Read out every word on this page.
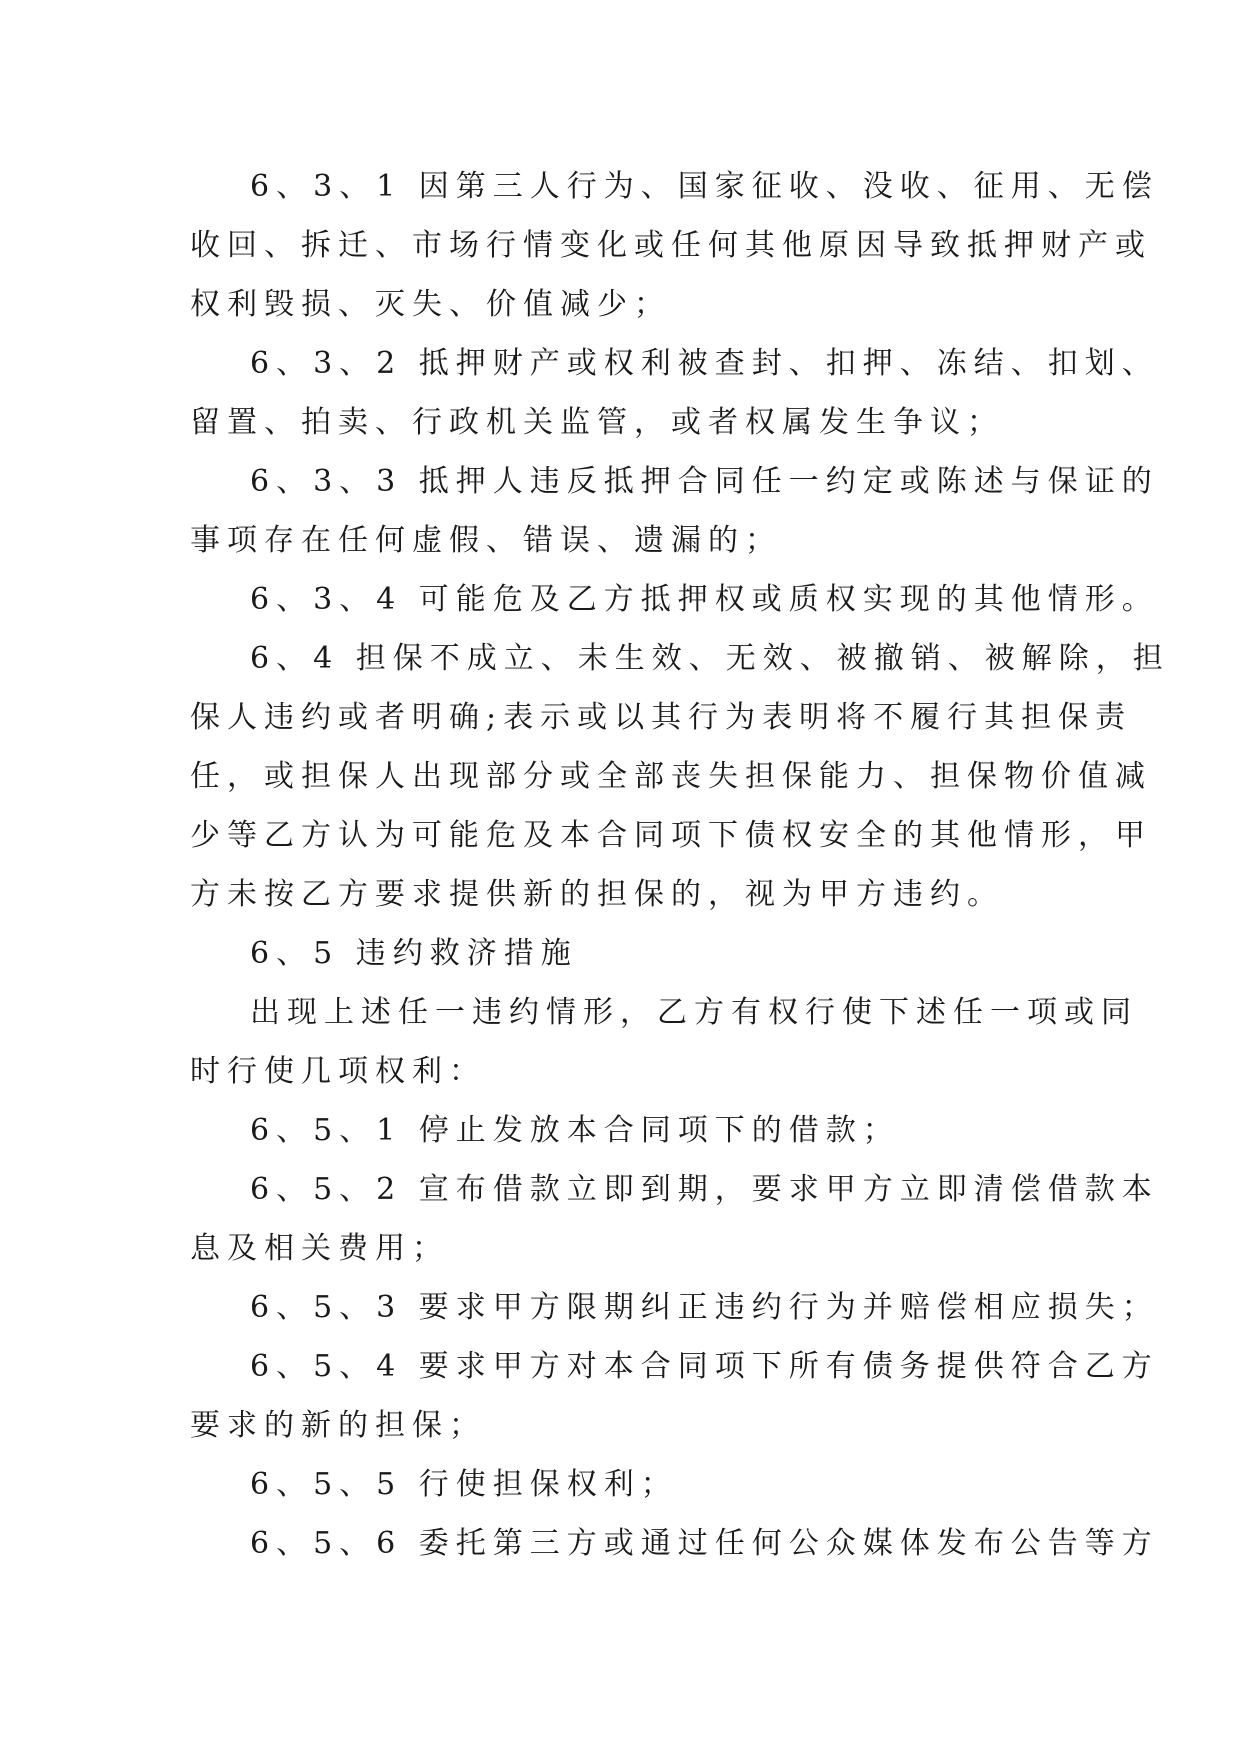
6、3、1 因第三人行为、国家征收、没收、征用、无偿
收回、拆迁、市场行情变化或任何其他原因导致抵押财产或
权利毁损、灭失、价值减少；
6、3、2 抵押财产或权利被查封、扣押、冻结、扣划、
留置、拍卖、行政机关监管，或者权属发生争议；
6、3、3 抵押人违反抵押合同任一约定或陈述与保证的
事项存在任何虚假、错误、遗漏的；
6、3、4 可能危及乙方抵押权或质权实现的其他情形。
6、4 担保不成立、未生效、无效、被撤销、被解除，担
保人违约或者明确;表示或以其行为表明将不履行其担保责
任，或担保人出现部分或全部丧失担保能力、担保物价值减
少等乙方认为可能危及本合同项下债权安全的其他情形，甲
方未按乙方要求提供新的担保的，视为甲方违约。
6、5 违约救济措施
出现上述任一违约情形，乙方有权行使下述任一项或同
时行使几项权利：
6、5、1 停止发放本合同项下的借款；
6、5、2 宣布借款立即到期，要求甲方立即清偿借款本
息及相关费用；
6、5、3 要求甲方限期纠正违约行为并赔偿相应损失；
6、5、4 要求甲方对本合同项下所有债务提供符合乙方
要求的新的担保；
6、5、5 行使担保权利；
6、5、6 委托第三方或通过任何公众媒体发布公告等方
